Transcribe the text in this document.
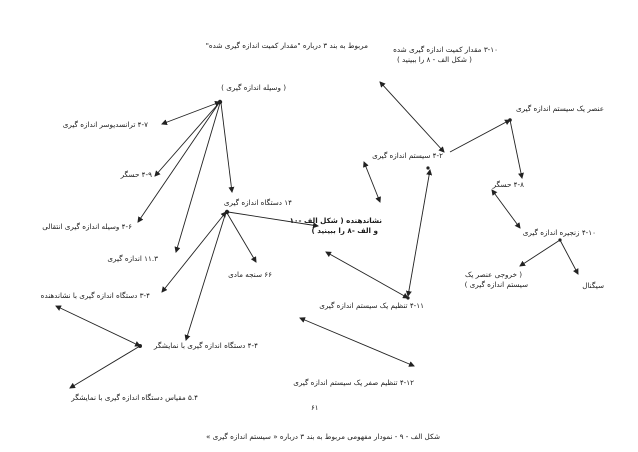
مربوط به بند ۳ درباره "مقدار کمیت اندازه گیری شده"	۳-۱۰ مقدار کمیت اندازه گیری شده
( شکل الف - ۸ را ببینید )
( وسیله اندازه گیری )
۴-۷ ترانسدیوسر اندازه گیری
۴-۹ حسگر
۴-۶ وسیله اندازه گیری انتقالی
۱۱.۳ اندازه گیری
۳-۴ دستگاه اندازه گیری با نشاندهنده
۴-۴ دستگاه اندازه گیری با نمایشگر
۵.۴ مقیاس دستگاه اندازه گیری با نمایشگر
۱۴ دستگاه اندازه گیری
۶۶ سنجه مادی
نشاندهنده ( شکل الف -۱۰
و الف -۸ را ببینید )
۴-۲ سیستم اندازه گیری
عنصر یک سیستم اندازه گیری
۴-۸ حسگر
۴-۱۰ زنجیره اندازه گیری
( خروجی عنصر یک
سیستم اندازه گیری )	سیگنال
۴-۱۱ تنظیم یک سیستم اندازه گیری
۴-۱۲ تنظیم صفر یک سیستم اندازه گیری
۶۱
شکل الف - ۹ - نمودار مفهومی مربوط به بند ۳ درباره « سیستم اندازه گیری »
